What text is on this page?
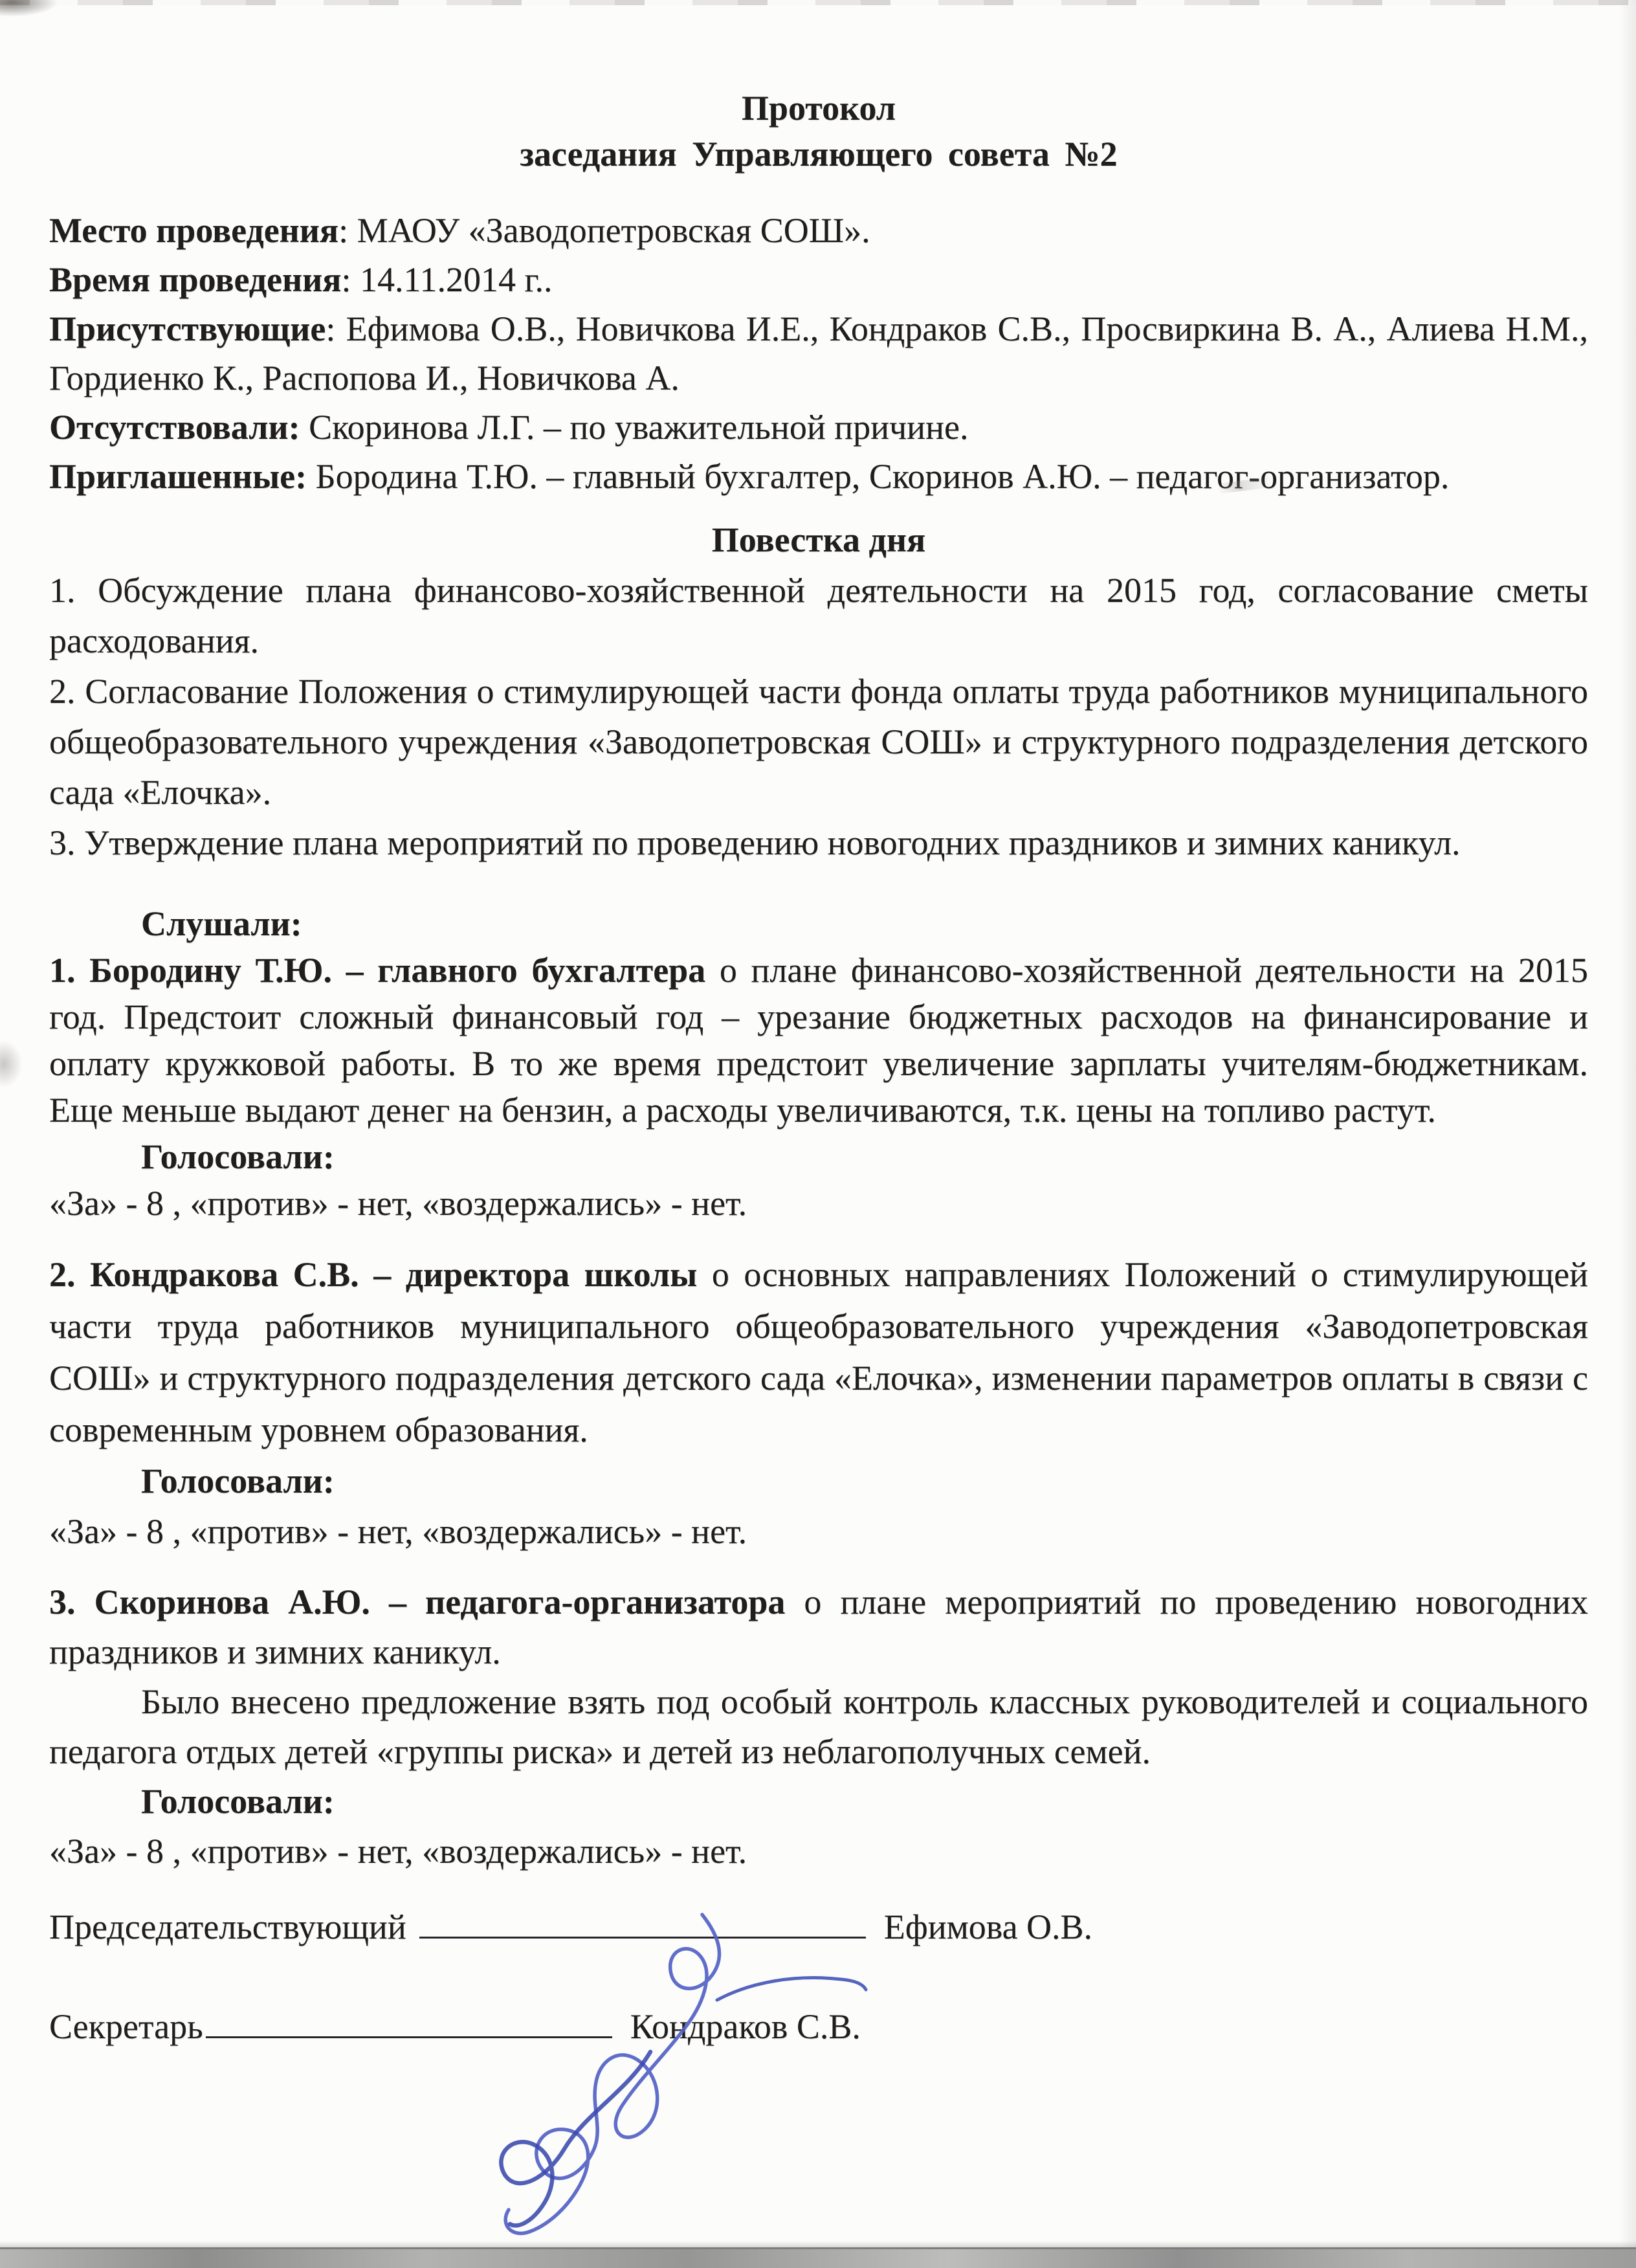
Протокол
заседания Управляющего совета №2

Место проведения: МАОУ «Заводопетровская СОШ».

Время проведения: 14.11.2014 г..

Присутствующие: Ефимова О.В., Новичкова И.Е., Кондраков С.В., Просвиркина В. А., Алиева Н.М., Гордиенко К., Распопова И., Новичкова А.

Отсутствовали: Скоринова Л.Г. – по уважительной причине.

Приглашенные: Бородина Т.Ю. – главный бухгалтер, Скоринов А.Ю. – педагог-организатор.

Повестка дня

1. Обсуждение плана финансово-хозяйственной деятельности на 2015 год, согласование сметы расходования.

2. Согласование Положения о стимулирующей части фонда оплаты труда работников муниципального общеобразовательного учреждения «Заводопетровская СОШ» и структурного подразделения детского сада «Елочка».

3. Утверждение плана мероприятий по проведению новогодних праздников и зимних каникул.

Слушали:

1. Бородину Т.Ю. – главного бухгалтера о плане финансово-хозяйственной деятельности на 2015 год. Предстоит сложный финансовый год – урезание бюджетных расходов на финансирование и оплату кружковой работы. В то же время предстоит увеличение зарплаты учителям-бюджетникам. Еще меньше выдают денег на бензин, а расходы увеличиваются, т.к. цены на топливо растут.

Голосовали:

«За» - 8 , «против» - нет, «воздержались» - нет.

2. Кондракова С.В. – директора школы о основных направлениях Положений о стимулирующей части труда работников муниципального общеобразовательного учреждения «Заводопетровская СОШ» и структурного подразделения детского сада «Елочка», изменении параметров оплаты в связи с современным уровнем образования.

Голосовали:

«За» - 8 , «против» - нет, «воздержались» - нет.

3. Скоринова А.Ю. – педагога-организатора о плане мероприятий по проведению новогодних праздников и зимних каникул.

Было внесено предложение взять под особый контроль классных руководителей и социального педагога отдых детей «группы риска» и детей из неблагополучных семей.

Голосовали:

«За» - 8 , «против» - нет, «воздержались» - нет.

Председательствующий	Ефимова О.В.

Секретарь	Кондраков С.В.
